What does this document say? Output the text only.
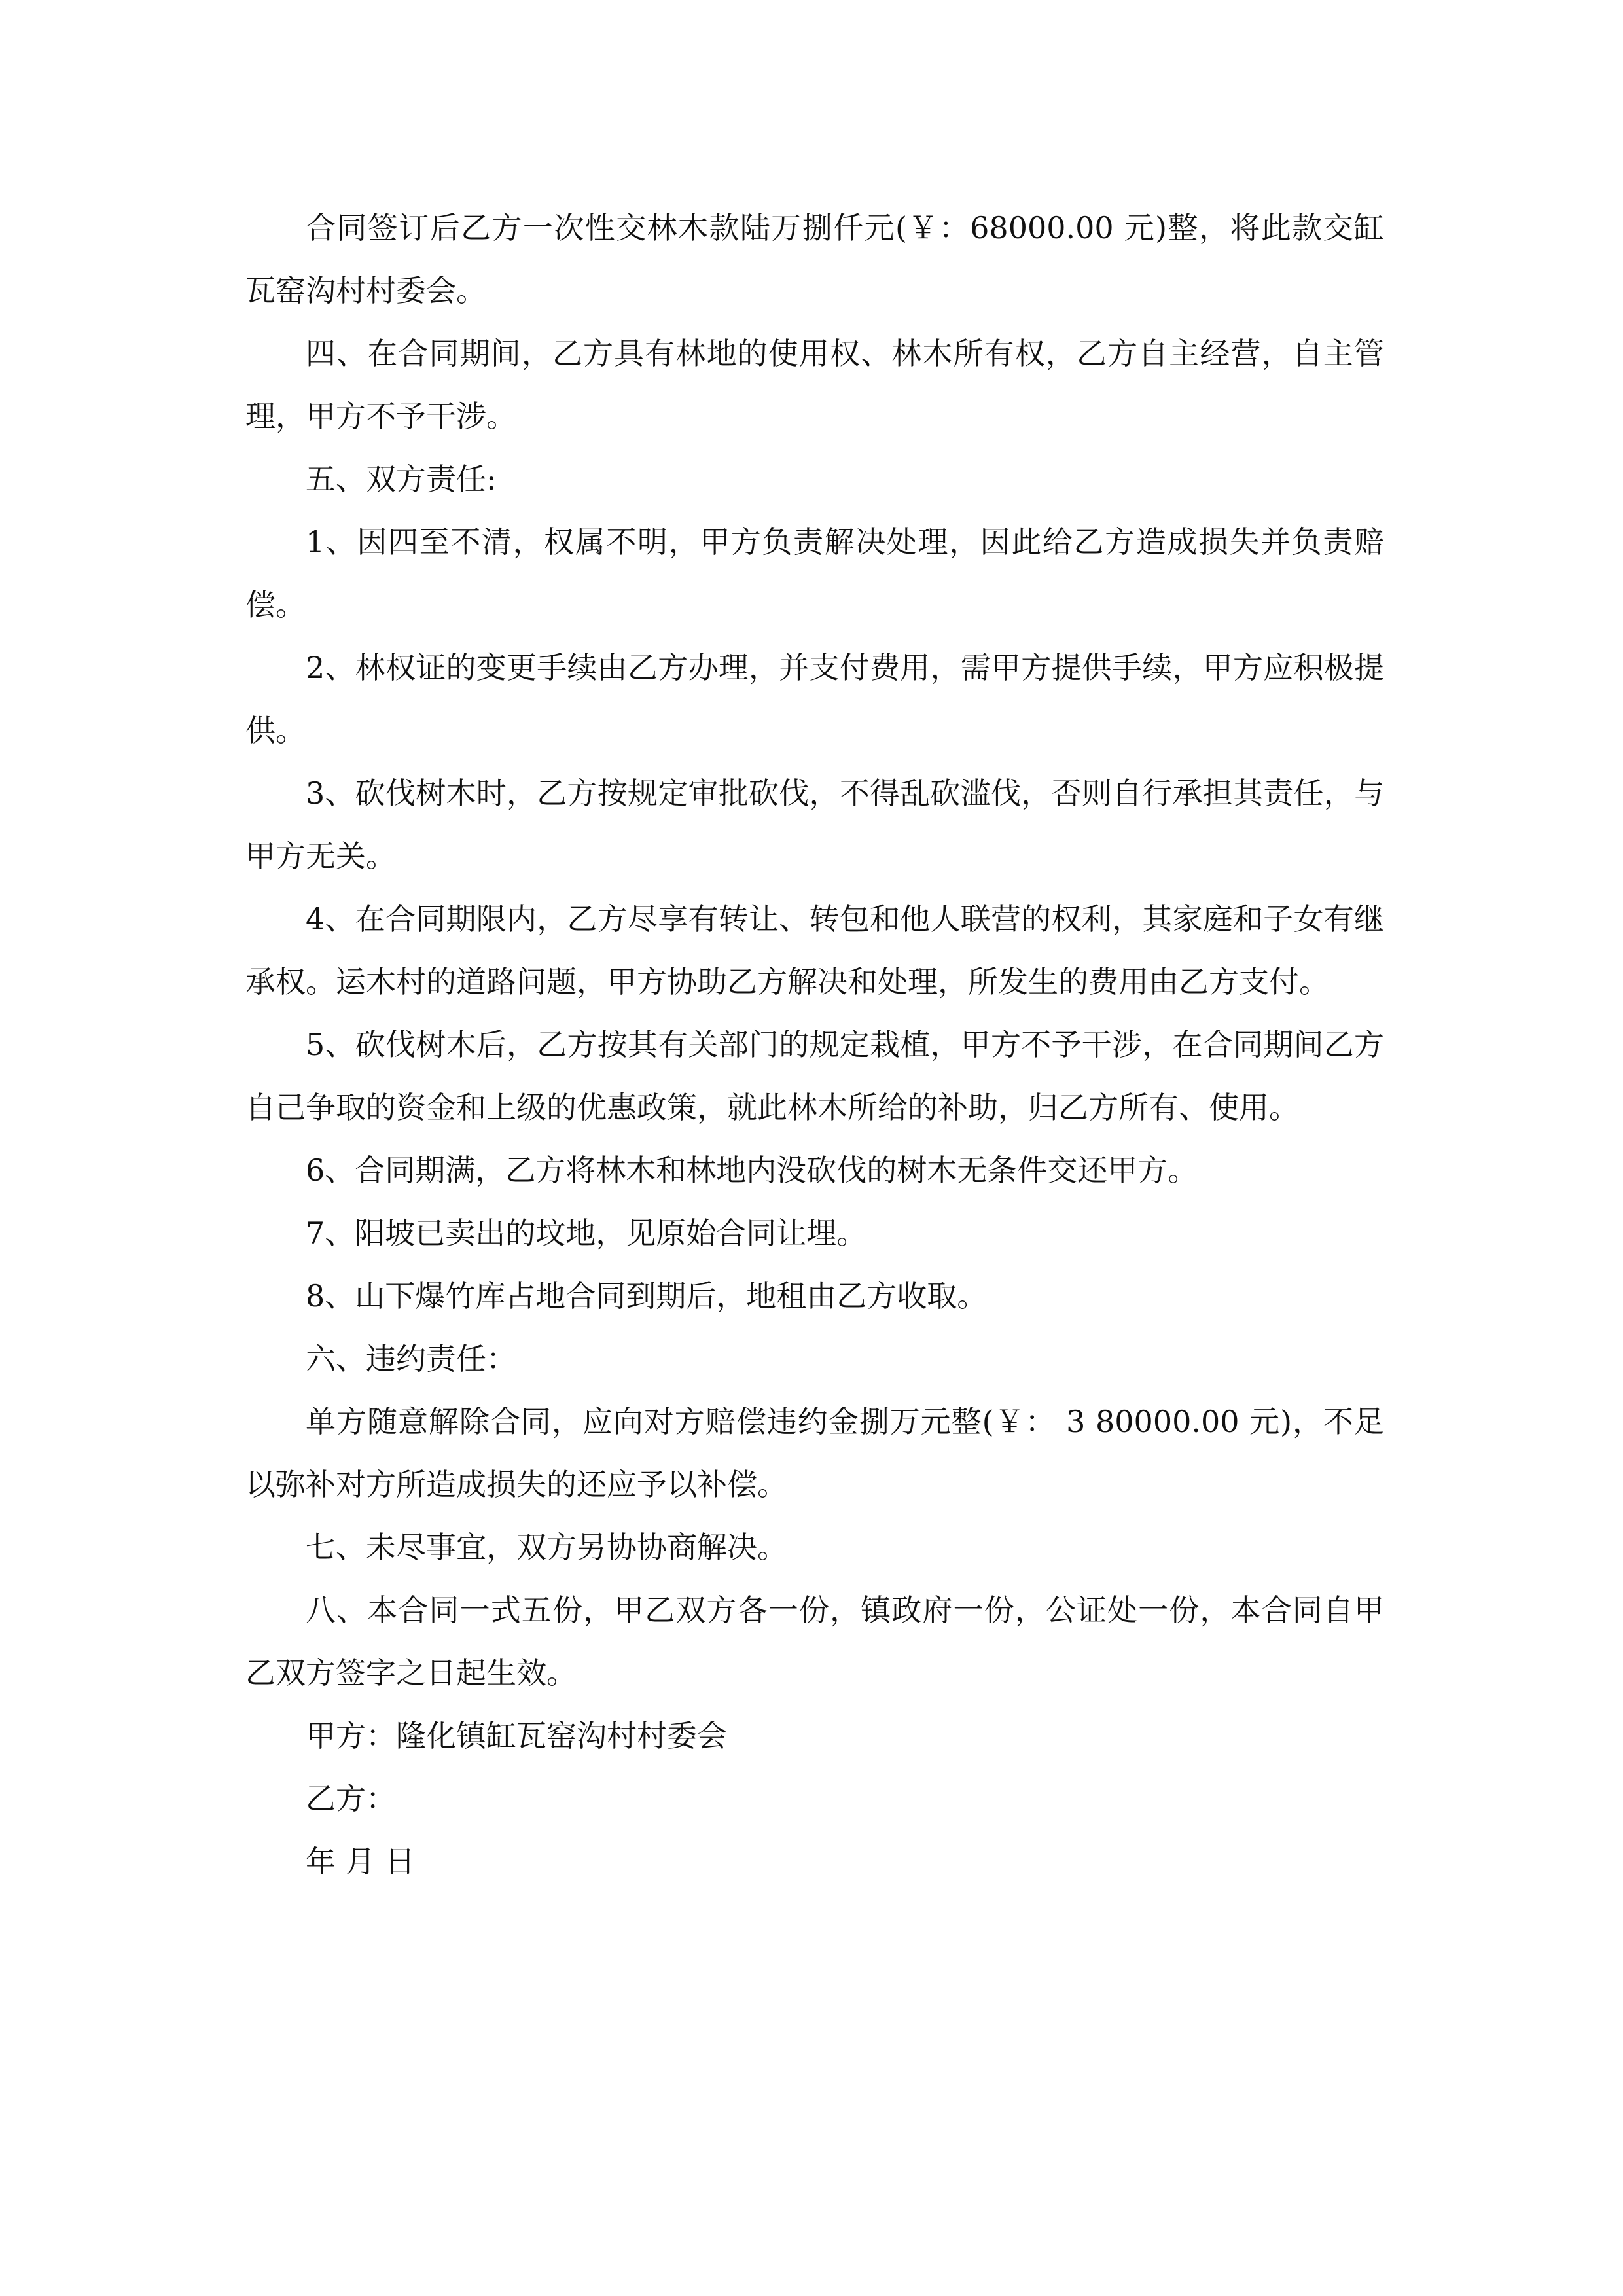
合同签订后乙方一次性交林木款陆万捌仟元(￥：68000.00 元)整，将此款交缸瓦窑沟村村委会。

四、在合同期间，乙方具有林地的使用权、林木所有权，乙方自主经营，自主管理，甲方不予干涉。

五、双方责任:

1、因四至不清，权属不明，甲方负责解决处理，因此给乙方造成损失并负责赔偿。

2、林权证的变更手续由乙方办理，并支付费用，需甲方提供手续，甲方应积极提供。

3、砍伐树木时，乙方按规定审批砍伐，不得乱砍滥伐，否则自行承担其责任，与甲方无关。

4、在合同期限内，乙方尽享有转让、转包和他人联营的权利，其家庭和子女有继承权。运木村的道路问题，甲方协助乙方解决和处理，所发生的费用由乙方支付。

5、砍伐树木后，乙方按其有关部门的规定栽植，甲方不予干涉，在合同期间乙方自己争取的资金和上级的优惠政策，就此林木所给的补助，归乙方所有、使用。

6、合同期满，乙方将林木和林地内没砍伐的树木无条件交还甲方。

7、阳坡已卖出的坟地，见原始合同让埋。

8、山下爆竹库占地合同到期后，地租由乙方收取。

六、违约责任：

单方随意解除合同，应向对方赔偿违约金捌万元整(￥： 3 80000.00 元)，不足以弥补对方所造成损失的还应予以补偿。

七、未尽事宜，双方另协协商解决。

八、本合同一式五份，甲乙双方各一份，镇政府一份，公证处一份，本合同自甲乙双方签字之日起生效。

甲方：隆化镇缸瓦窑沟村村委会

乙方：

年 月 日
